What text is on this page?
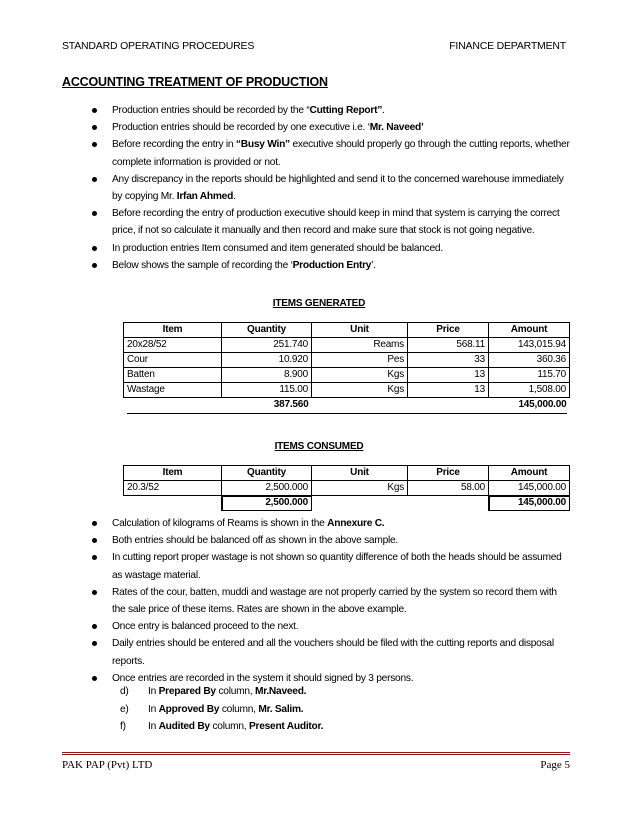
STANDARD OPERATING PROCEDURES	FINANCE DEPARTMENT
ACCOUNTING TREATMENT OF PRODUCTION
Production entries should be recorded by the “Cutting Report”.
Production entries should be recorded by one executive i.e. ‘Mr. Naveed’
Before recording the entry in “Busy Win” executive should properly go through the cutting reports, whether complete information is provided or not.
Any discrepancy in the reports should be highlighted and send it to the concerned warehouse immediately by copying Mr. Irfan Ahmed.
Before recording the entry of production executive should keep in mind that system is carrying the correct price, if not so calculate it manually and then record and make sure that stock is not going negative.
In production entries Item consumed and item generated should be balanced.
Below shows the sample of recording the ‘Production Entry’.
ITEMS GENERATED
Item	Quantity	Unit	Price	Amount
20x28/52	251.740	Reams	568.11	143,015.94
Cour	10.920	Pes	33	360.36
Batten	8.900	Kgs	13	115.70
Wastage	115.00	Kgs	13	1,508.00
	387.560			145,000.00
ITEMS CONSUMED
Item	Quantity	Unit	Price	Amount
20.3/52	2,500.000	Kgs	58.00	145,000.00
	2,500.000			145,000.00
Calculation of kilograms of Reams is shown in the Annexure C.
Both entries should be balanced off as shown in the above sample.
In cutting report proper wastage is not shown so quantity difference of both the heads should be assumed as wastage material.
Rates of the cour, batten, muddi and wastage are not properly carried by the system so record them with the sale price of these items. Rates are shown in the above example.
Once entry is balanced proceed to the next.
Daily entries should be entered and all the vouchers should be filed with the cutting reports and disposal reports.
Once entries are recorded in the system it should signed by 3 persons.
d) In Prepared By column, Mr.Naveed.
e) In Approved By column, Mr. Salim.
f) In Audited By column, Present Auditor.
PAK PAP (Pvt) LTD	Page 5
